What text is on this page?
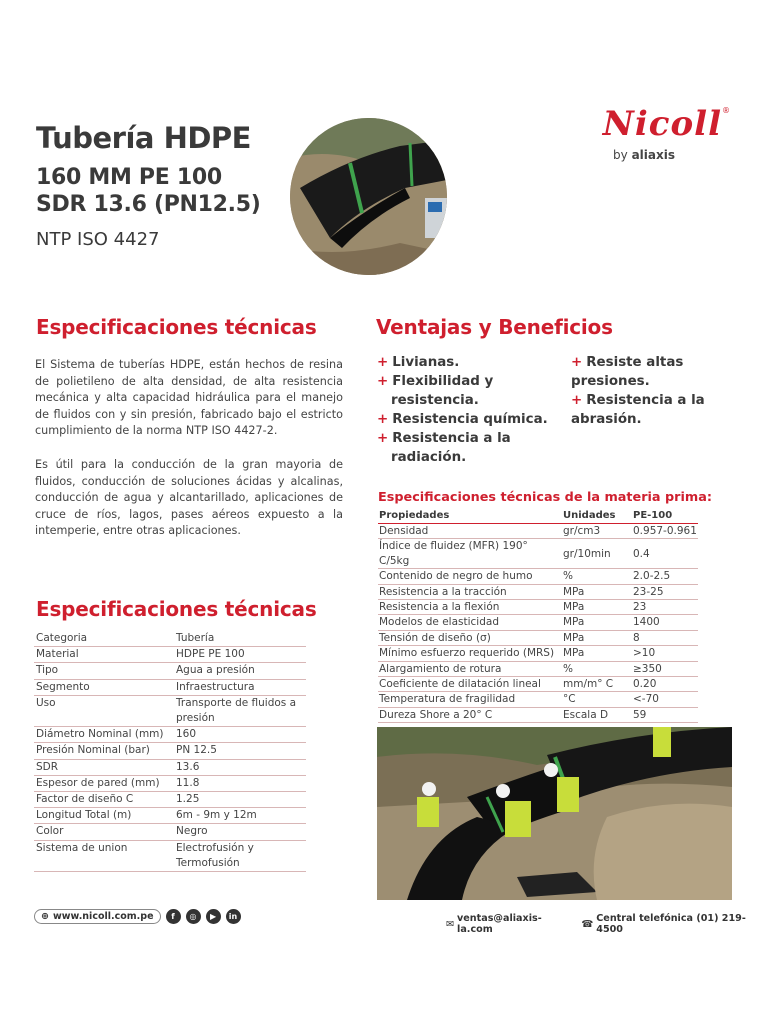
Tubería HDPE
160 MM PE 100
SDR 13.6 (PN12.5)
NTP ISO 4427
Nicoll ®
by aliaxis
Especificaciones técnicas
El Sistema de tuberías HDPE, están hechos de resina de polietileno de alta densidad, de alta resistencia mecánica y alta capacidad hidráulica para el manejo de fluidos con y sin presión, fabricado bajo el estricto cumplimiento de la norma NTP ISO 4427-2.
Es útil para la conducción de la gran mayoria de fluidos, conducción de soluciones ácidas y alcalinas, conducción de agua y alcantarillado, aplicaciones de cruce de ríos, lagos, pases aéreos expuesto a la intemperie, entre otras aplicaciones.
Ventajas y Beneficios
+ Livianas.
+ Flexibilidad y resistencia.
+ Resistencia química.
+ Resistencia a la radiación.
+ Resiste altas presiones.
+ Resistencia a la abrasión.
Especificaciones técnicas de la materia prima:
Propiedades	Unidades	PE-100
Densidad	gr/cm3	0.957-0.961
Índice de fluidez (MFR) 190° C/5kg	gr/10min	0.4
Contenido de negro de humo	%	2.0-2.5
Resistencia a la tracción	MPa	23-25
Resistencia a la flexión	MPa	23
Modelos de elasticidad	MPa	1400
Tensión de diseño (σ)	MPa	8
Mínimo esfuerzo requerido (MRS)	MPa	>10
Alargamiento de rotura	%	≥350
Coeficiente de dilatación lineal	mm/m° C	0.20
Temperatura de fragilidad	°C	<-70
Dureza Shore a 20° C	Escala D	59
Especificaciones técnicas
Categoria	Tubería
Material	HDPE PE 100
Tipo	Agua a presión
Segmento	Infraestructura
Uso	Transporte de fluidos a presión
Diámetro Nominal (mm)	160
Presión Nominal (bar)	PN 12.5
SDR	13.6
Espesor de pared (mm)	11.8
Factor de diseño C	1.25
Longitud Total (m)	6m - 9m y 12m
Color	Negro
Sistema de union	Electrofusión y Termofusión
⊕ www.nicoll.com.pe	f	◎	▶	in
✉ ventas@aliaxis-la.com	☎ Central telefónica (01) 219-4500
